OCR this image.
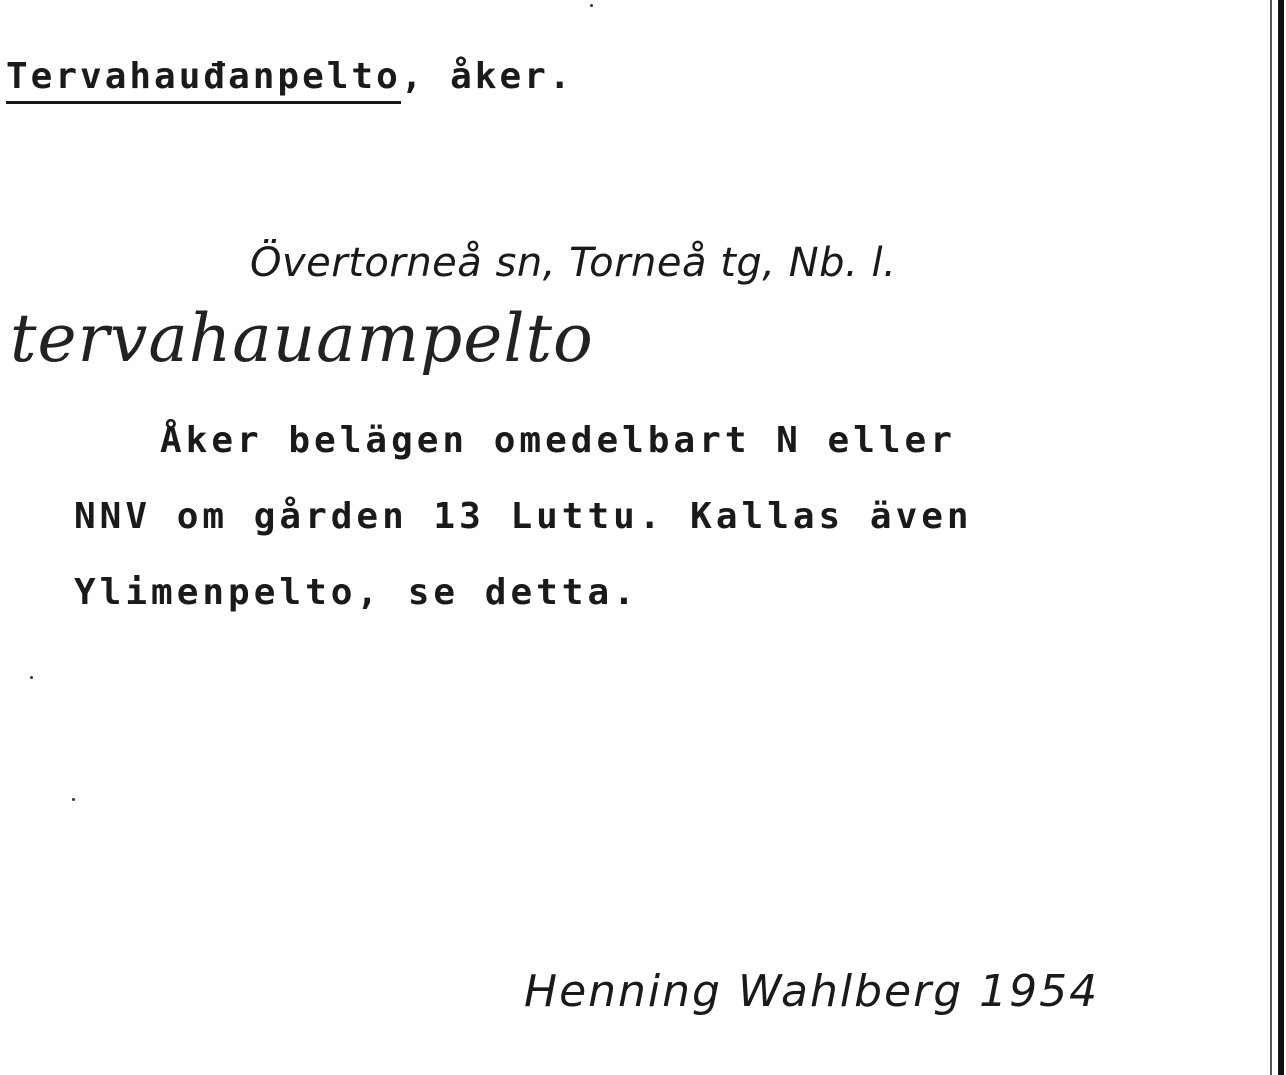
Tervahauđanpelto, åker.
Övertorneå sn, Torneå tg, Nb. l.
tervahauampelto
Åker belägen omedelbart N eller
NNV om gården 13 Luttu. Kallas även
Ylimenpelto, se detta.
Henning Wahlberg 1954
